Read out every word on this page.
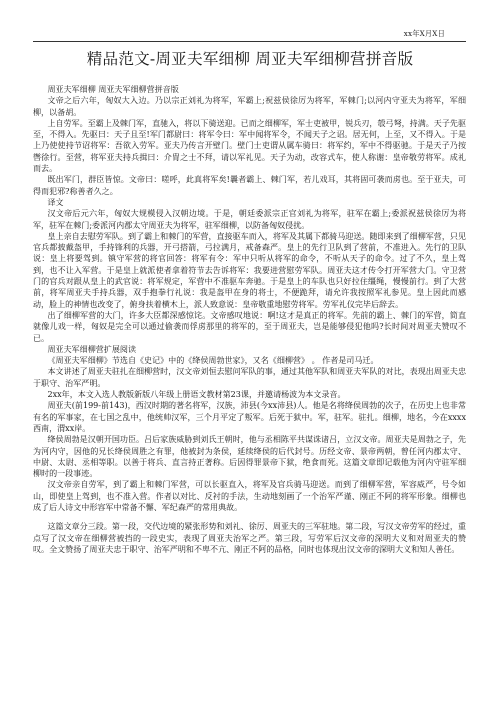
xx年X月X日
精品范文-周亚夫军细柳 周亚夫军细柳营拼音版

周亚夫军细柳 周亚夫军细柳营拼音版

文帝之后六年，匈奴大入边。乃以宗正刘礼为将军，军霸上;祝兹侯徐厉为将军，军棘门;以河内守亚夫为将军，军细柳，以备胡。

上自劳军。至霸上及棘门军，直驰入，将以下骑送迎。已而之细柳军，军士吏被甲，锐兵刃，彀弓弩，持满。天子先驱至，不得入。先驱曰：天子且至!军门都尉曰：将军令曰：军中闻将军令，不闻天子之诏。居无何，上至，又不得入。于是上乃使使持节诏将军：吾欲入劳军。亚夫乃传言开壁门。壁门士吏谓从属车骑曰：将军约，军中不得驱驰。于是天子乃按辔徐行。至营，将军亚夫持兵揖曰：介胄之士不拜，请以军礼见。天子为动，改容式车，使人称谢：皇帝敬劳将军。成礼而去。

既出军门，群臣皆惊。文帝曰：嗟呼，此真将军矣!曩者霸上、棘门军，若儿戏耳，其将固可袭而虏也。至于亚夫，可得而犯邪?称善者久之。

译文

汉文帝后元六年，匈奴大规模侵入汉朝边境。于是，朝廷委派宗正官刘礼为将军，驻军在霸上;委派祝兹侯徐厉为将军，驻军在棘门;委派河内郡太守周亚夫为将军，驻军细柳，以防备匈奴侵扰。

皇上亲自去慰劳军队。到了霸上和棘门的军营，直接驱车而入，将军及其属下都骑马迎送。随即来到了细柳军营，只见官兵都披戴盔甲，手持锋利的兵器，开弓搭箭，弓拉满月，戒备森严。皇上的先行卫队到了营前，不准进入。先行的卫队说：皇上将要驾到。镇守军营的将官回答：将军有令：军中只听从将军的命令，不听从天子的命令。过了不久，皇上驾到，也不让入军营。于是皇上就派使者拿着符节去告诉将军：我要进营慰劳军队。周亚夫这才传令打开军营大门。守卫营门的官兵对跟从皇上的武官说：将军规定，军营中不准驱车奔驰。于是皇上的车队也只好拉住缰绳，慢慢前行。到了大营前，将军周亚夫手持兵器，双手抱拳行礼说：我是盔甲在身的将士，不便跪拜，请允许我按照军礼参见。皇上因此而感动，脸上的神情也改变了，俯身扶着横木上，派人致意说：皇帝敬重地慰劳将军。劳军礼仪完毕后辞去。

出了细柳军营的大门，许多大臣都深感惊诧。文帝感叹地说：啊!这才是真正的将军。先前的霸上、棘门的军营，简直就像儿戏一样，匈奴是完全可以通过偷袭而俘虏那里的将军的，至于周亚夫，岂是能够侵犯他吗?长时间对周亚夫赞叹不已。

周亚夫军细柳营扩展阅读

《周亚夫军细柳》节选自《史记》中的《绛侯周勃世家》，又名《细柳营》 。 作者是司马迁。

本文讲述了周亚夫驻扎在细柳营时，汉文帝刘恒去慰问军队的事，通过其他军队和周亚夫军队的对比，表现出周亚夫忠于职守、治军严明。

2xx年，本文入选人教版新版八年级上册语文教材第23课，并邀请杨波为本文录音。

周亚夫(前199-前143)，西汉时期的著名将军，汉族，沛县(今xx沛县)人。他是名将绛侯周勃的次子，在历史上也非常有名的军事家，在七国之乱中，他统帅汉军，三个月平定了叛军。后死于狱中。军，驻军。驻扎。细柳，地名，今在xxxx西南，渭xx岸。

绛侯周勃是汉朝开国功臣。吕后家族威胁到刘氏王朝时，他与丞相陈平共谋诛诸吕，立汉文帝。周亚夫是周勃之子，先为河内守，因他的兄长绛侯周胜之有罪，他被封为条侯，延续绛侯的后代封号。历经文帝、景帝两朝，曾任河内郡太守、中尉、太尉、丞相等职。以善于将兵、直言持正著称。后因得罪景帝下狱，绝食而死。这篇文章即记载他为河内守驻军细柳时的一段事迹。

汉文帝亲自劳军，到了霸上和棘门军营，可以长驱直入，将军及官兵骑马迎送。而到了细柳军营，军容威严，号令如山，即使皇上驾到，也不准入营。作者以对比、反衬的手法，生动地刻画了一个治军严谨、刚正不阿的将军形象。细柳也成了后人诗文中形容军中常备不懈、军纪森严的常用典故。

这篇文章分三段。第一段，交代边境的紧张形势和刘礼、徐厉、周亚夫的三军驻地。第二段，写汉文帝劳军的经过，重点写了汉文帝在细柳营被挡的一段史实，表现了周亚夫治军之严。第三段，写劳军后汉文帝的深明大义和对周亚夫的赞叹。全文赞扬了周亚夫忠于职守、治军严明和不卑不亢、刚正不阿的品格，同时也体现出汉文帝的深明大义和知人善任。
